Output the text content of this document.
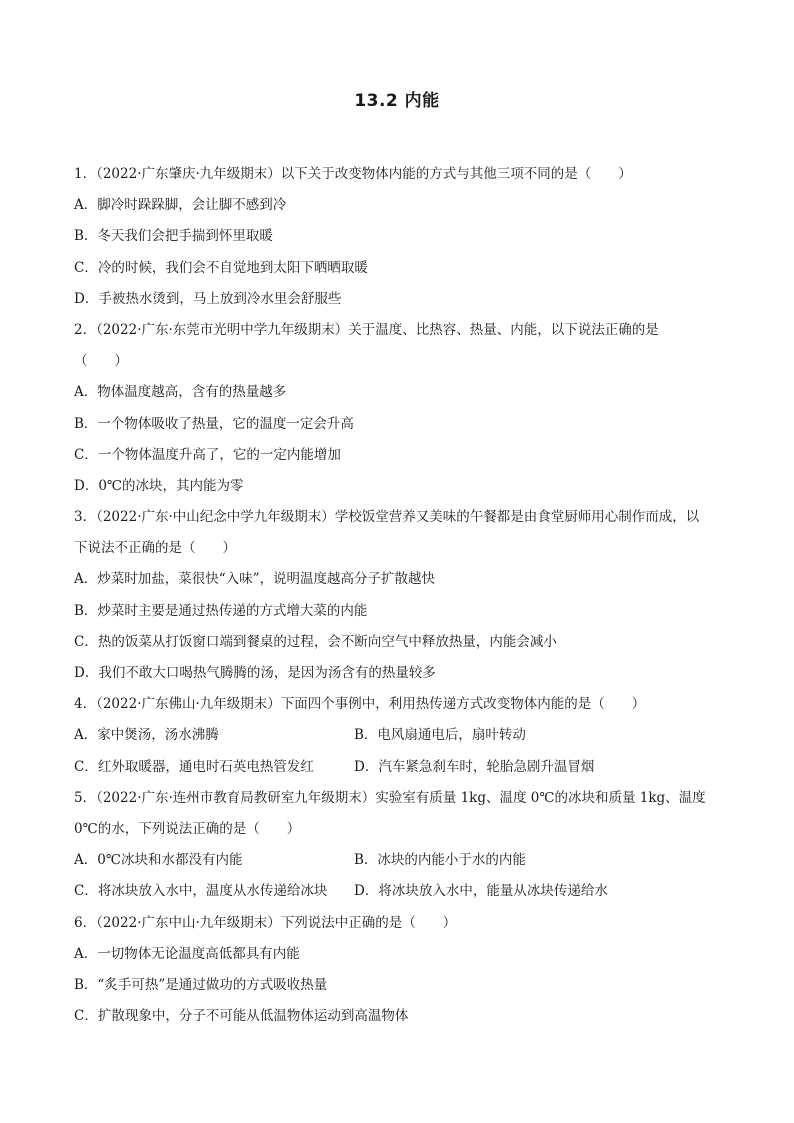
13.2 内能
1．（2022·广东肇庆·九年级期末）以下关于改变物体内能的方式与其他三项不同的是（　　）
A．脚冷时跺跺脚，会让脚不感到冷
B．冬天我们会把手揣到怀里取暖
C．冷的时候，我们会不自觉地到太阳下晒晒取暖
D．手被热水烫到，马上放到冷水里会舒服些
2．（2022·广东·东莞市光明中学九年级期末）关于温度、比热容、热量、内能，以下说法正确的是
（　　）
A．物体温度越高，含有的热量越多
B．一个物体吸收了热量，它的温度一定会升高
C．一个物体温度升高了，它的一定内能增加
D．0℃的冰块，其内能为零
3．（2022·广东·中山纪念中学九年级期末）学校饭堂营养又美味的午餐都是由食堂厨师用心制作而成，以
下说法不正确的是（　　）
A．炒菜时加盐，菜很快“入味”，说明温度越高分子扩散越快
B．炒菜时主要是通过热传递的方式增大菜的内能
C．热的饭菜从打饭窗口端到餐桌的过程，会不断向空气中释放热量，内能会减小
D．我们不敢大口喝热气腾腾的汤，是因为汤含有的热量较多
4．（2022·广东佛山·九年级期末）下面四个事例中，利用热传递方式改变物体内能的是（　　）
A．家中煲汤，汤水沸腾	B．电风扇通电后，扇叶转动
C．红外取暖器，通电时石英电热管发红	D．汽车紧急刹车时，轮胎急剧升温冒烟
5．（2022·广东·连州市教育局教研室九年级期末）实验室有质量 1kg、温度 0℃的冰块和质量 1kg、温度
0℃的水，下列说法正确的是（　　）
A．0℃冰块和水都没有内能	B．冰块的内能小于水的内能
C．将冰块放入水中，温度从水传递给冰块	D．将冰块放入水中，能量从冰块传递给水
6．（2022·广东中山·九年级期末）下列说法中正确的是（　　）
A．一切物体无论温度高低都具有内能
B．“炙手可热”是通过做功的方式吸收热量
C．扩散现象中，分子不可能从低温物体运动到高温物体
